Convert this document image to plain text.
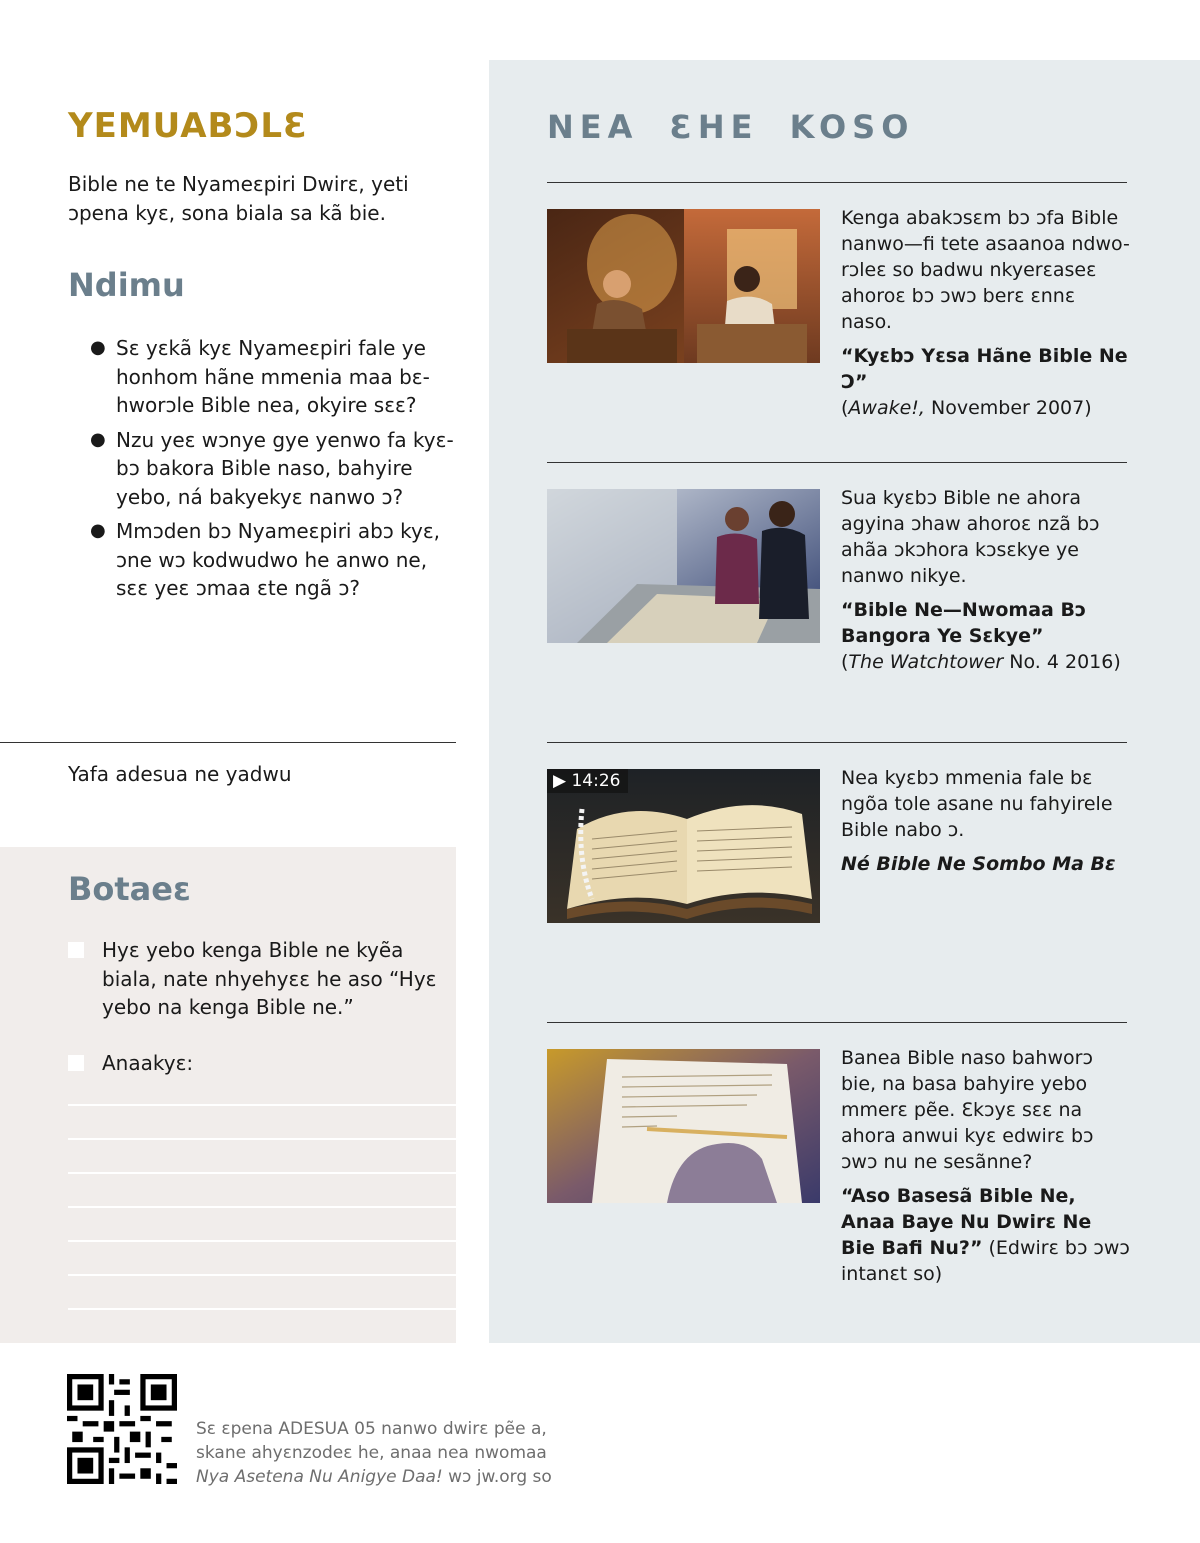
YEMUABƆLƐ

Bible ne te Nyameɛpiri Dwirɛ, yeti ɔpena kyɛ, sona biala sa kã bie.

Ndimu
● Sɛ yɛkã kyɛ Nyameɛpiri fale ye honhom hãne mmenia maa bɛ-hworɔle Bible nea, okyire sɛɛ?
● Nzu yeɛ wɔnye gye yenwo fa kyɛ-bɔ bakora Bible naso, bahyire yebo, ná bakyekyɛ nanwo ɔ?
● Mmɔden bɔ Nyameɛpiri abɔ kyɛ, ɔne wɔ kodwudwo he anwo ne, sɛɛ yeɛ ɔmaa ɛte ngã ɔ?

Yafa adesua ne yadwu

Botaeɛ
Hyɛ yebo kenga Bible ne kyẽa biala, nate nhyehyɛɛ he aso “Hyɛ yebo na kenga Bible ne.”
Anaakyɛ:
NEA ƐHE KOSO
Kenga abakɔsɛm bɔ ɔfa Bible nanwo—fi tete asaanoa ndwo-rɔleɛ so badwu nkyerɛaseɛ ahoroɛ bɔ ɔwɔ berɛ ɛnnɛ naso.
“Kyɛbɔ Yɛsa Hãne Bible Ne Ɔ”
(Awake!, November 2007)
Sua kyɛbɔ Bible ne ahora agyina ɔhaw ahoroɛ nzã bɔ ahãa ɔkɔhora kɔsɛkye ye nanwo nikye.
“Bible Ne—Nwomaa Bɔ Bangora Ye Sɛkye”
(The Watchtower No. 4 2016)
▶ 14:26	Nea kyɛbɔ mmenia fale bɛ ngõa tole asane nu fahyirele Bible nabo ɔ.
Né Bible Ne Sombo Ma Bɛ
Banea Bible naso bahworɔ bie, na basa bahyire yebo mmerɛ pẽe. Ɛkɔyɛ sɛɛ na ahora anwui kyɛ edwirɛ bɔ ɔwɔ nu ne sesãnne?
“Aso Basesã Bible Ne, Anaa Baye Nu Dwirɛ Ne Bie Bafi Nu?” (Edwirɛ bɔ ɔwɔ intanɛt so)
Sɛ ɛpena ADESUA 05 nanwo dwirɛ pẽe a,
skane ahyɛnzodeɛ he, anaa nea nwomaa
Nya Asetena Nu Anigye Daa! wɔ jw.org so
